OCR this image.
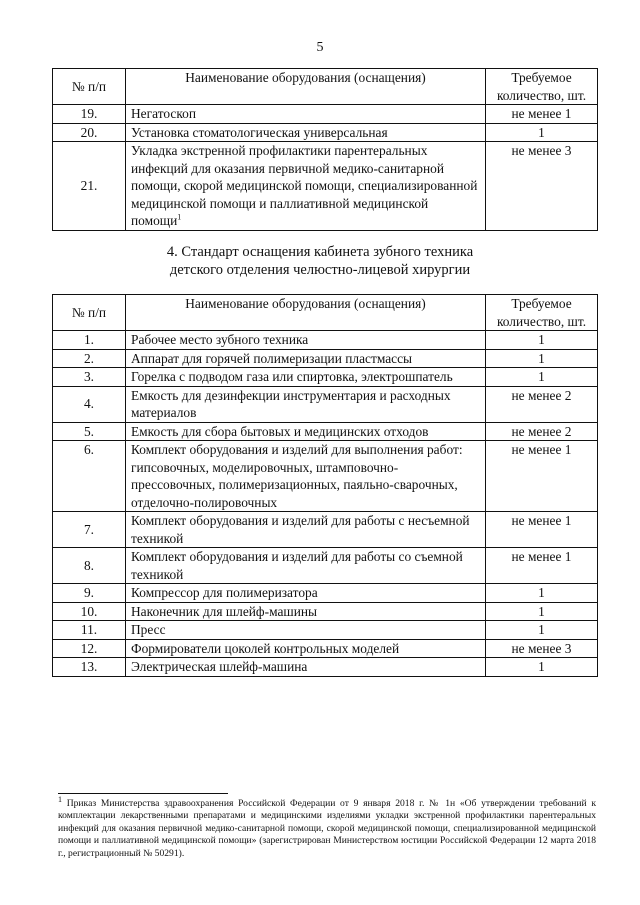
5
№ п/п	Наименование оборудования (оснащения)	Требуемое количество, шт.
19.	Негатоскоп	не менее 1
20.	Установка стоматологическая универсальная	1
21.	Укладка экстренной профилактики парентеральных инфекций для оказания первичной медико-санитарной помощи, скорой медицинской помощи, специализированной медицинской помощи и паллиативной медицинской помощи$^1$	не менее 3
4. Стандарт оснащения кабинета зубного техника
детского отделения челюстно-лицевой хирургии
№ п/п	Наименование оборудования (оснащения)	Требуемое количество, шт.
1.	Рабочее место зубного техника	1
2.	Аппарат для горячей полимеризации пластмассы	1
3.	Горелка с подводом газа или спиртовка, электрошпатель	1
4.	Емкость для дезинфекции инструментария и расходных материалов	не менее 2
5.	Емкость для сбора бытовых и медицинских отходов	не менее 2
6.	Комплект оборудования и изделий для выполнения работ: гипсовочных, моделировочных, штамповочно-прессовочных, полимеризационных, паяльно-сварочных, отделочно-полировочных	не менее 1
7.	Комплект оборудования и изделий для работы с несъемной техникой	не менее 1
8.	Комплект оборудования и изделий для работы со съемной техникой	не менее 1
9.	Компрессор для полимеризатора	1
10.	Наконечник для шлейф-машины	1
11.	Пресс	1
12.	Формирователи цоколей контрольных моделей	не менее 3
13.	Электрическая шлейф-машина	1
$^1$ Приказ Министерства здравоохранения Российской Федерации от 9 января 2018 г. № 1н «Об утверждении требований к комплектации лекарственными препаратами и медицинскими изделиями укладки экстренной профилактики парентеральных инфекций для оказания первичной медико-санитарной помощи, скорой медицинской помощи, специализированной медицинской помощи и паллиативной медицинской помощи» (зарегистрирован Министерством юстиции Российской Федерации 12 марта 2018 г., регистрационный № 50291).
